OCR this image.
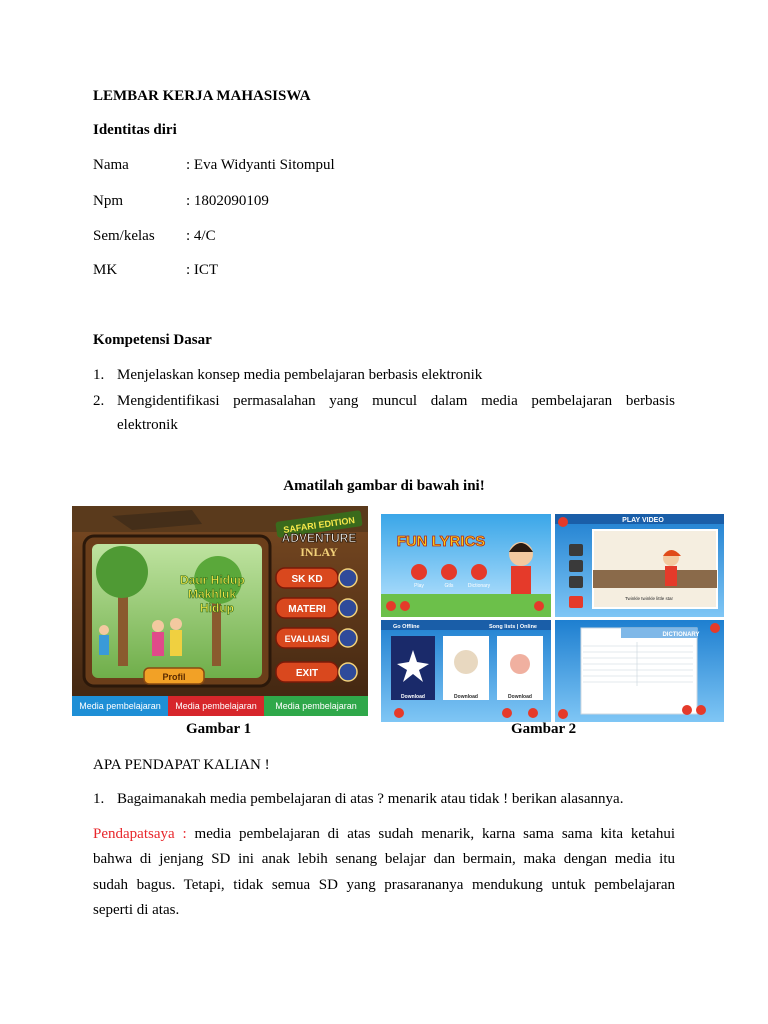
LEMBAR KERJA MAHASISWA
Identitas diri
Nama	: Eva Widyanti Sitompul
Npm	: 1802090109
Sem/kelas : 4/C
MK	: ICT
Kompetensi Dasar
1. Menjelaskan konsep media pembelajaran berbasis elektronik
2. Mengidentifikasi permasalahan yang muncul dalam media pembelajaran berbasis
elektronik
Amatilah gambar di bawah ini!
Daur Hidup
Makhluk
Hidup
Profil
SAFARI EDITION
ADVENTURE
INLAY
SK KD
MATERI
EVALUASI
EXIT
Media pembelajaran Media pembelajaran Media pembelajaran
FUN LYRICS
Play	Gtls	Dictionary
PLAY VIDEO
Twinkle twinkle little star
Go Offline	Song lists | Online
Download	Download	Download
DICTIONARY
Gambar 1	Gambar 2
APA PENDAPAT KALIAN !
1. Bagaimanakah media pembelajaran di atas ? menarik atau tidak ! berikan alasannya.
Pendapatsaya : media pembelajaran di atas sudah menarik, karna sama sama kita ketahui
bahwa di jenjang SD ini anak lebih senang belajar dan bermain, maka dengan media itu
sudah bagus. Tetapi, tidak semua SD yang prasarananya mendukung untuk pembelajaran
seperti di atas.
